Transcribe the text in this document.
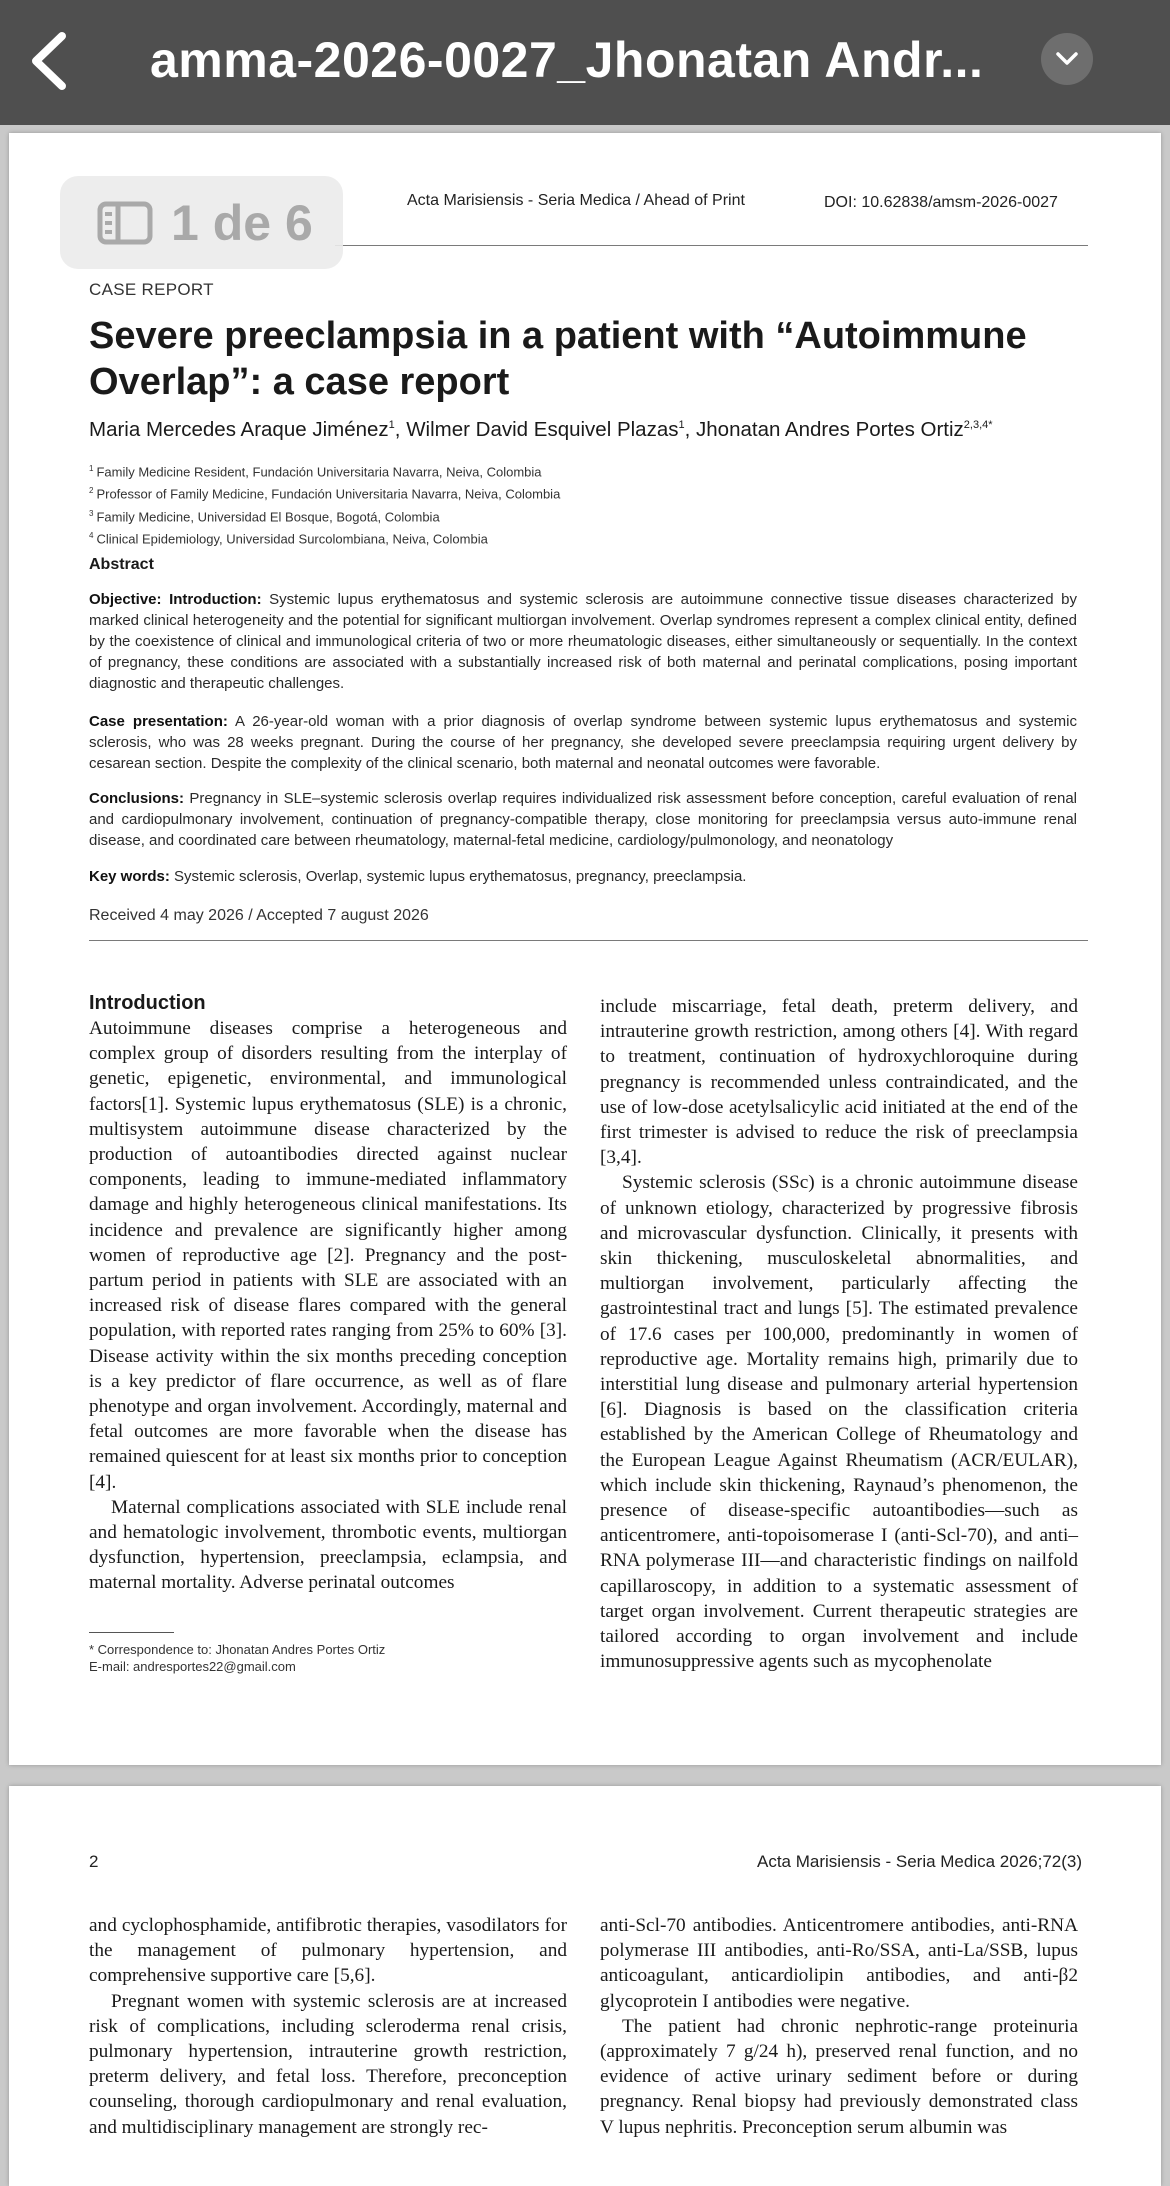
amma-2026-0027_Jhonatan Andr...
Acta Marisiensis - Seria Medica / Ahead of Print	DOI: 10.62838/amsm-2026-0027
1 de 6
CASE REPORT
Severe preeclampsia in a patient with “Autoimmune Overlap”: a case report
Maria Mercedes Araque Jiménez$^1$, Wilmer David Esquivel Plazas$^1$, Jhonatan Andres Portes Ortiz$^{2,3,4*}$
$^1$ Family Medicine Resident, Fundación Universitaria Navarra, Neiva, Colombia
$^2$ Professor of Family Medicine, Fundación Universitaria Navarra, Neiva, Colombia
$^3$ Family Medicine, Universidad El Bosque, Bogotá, Colombia
$^4$ Clinical Epidemiology, Universidad Surcolombiana, Neiva, Colombia
Abstract
Objective: Introduction: Systemic lupus erythematosus and systemic sclerosis are autoimmune connective tissue diseases characterized by marked clinical heterogeneity and the potential for significant multiorgan involvement. Overlap syndromes represent a complex clinical entity, defined by the coexistence of clinical and immunological criteria of two or more rheumatologic diseases, either simultaneously or sequentially. In the context of pregnancy, these conditions are associated with a substantially increased risk of both maternal and perinatal complications, posing important diagnostic and therapeutic challenges.
Case presentation: A 26-year-old woman with a prior diagnosis of overlap syndrome between systemic lupus erythematosus and systemic sclerosis, who was 28 weeks pregnant. During the course of her pregnancy, she developed severe preeclampsia requiring urgent delivery by cesarean section. Despite the complexity of the clinical scenario, both maternal and neonatal outcomes were favorable.
Conclusions: Pregnancy in SLE–systemic sclerosis overlap requires individualized risk assessment before conception, careful evaluation of renal and cardiopulmonary involvement, continuation of pregnancy-compatible therapy, close monitoring for preeclampsia versus auto-immune renal disease, and coordinated care between rheumatology, maternal-fetal medicine, cardiology/pulmonology, and neonatology
Key words: Systemic sclerosis, Overlap, systemic lupus erythematosus, pregnancy, preeclampsia.
Received 4 may 2026 / Accepted 7 august 2026
Introduction

Autoimmune diseases comprise a heterogeneous and complex group of disorders resulting from the interplay of genetic, epigenetic, environmental, and immunological factors[1]. Systemic lupus erythematosus (SLE) is a chronic, multisystem autoimmune disease characterized by the production of autoantibodies directed against nuclear components, leading to immune-mediated inflammatory damage and highly heterogeneous clinical manifestations. Its incidence and prevalence are significantly higher among women of reproductive age [2]. Pregnancy and the post-partum period in patients with SLE are associated with an increased risk of disease flares compared with the general population, with reported rates ranging from 25% to 60% [3]. Disease activity within the six months preceding conception is a key predictor of flare occurrence, as well as of flare phenotype and organ involvement. Accordingly, maternal and fetal outcomes are more favorable when the disease has remained quiescent for at least six months prior to conception [4].

Maternal complications associated with SLE include renal and hematologic involvement, thrombotic events, multiorgan dysfunction, hypertension, preeclampsia, eclampsia, and maternal mortality. Adverse perinatal outcomes

include miscarriage, fetal death, preterm delivery, and intrauterine growth restriction, among others [4]. With regard to treatment, continuation of hydroxychloroquine during pregnancy is recommended unless contraindicated, and the use of low-dose acetylsalicylic acid initiated at the end of the first trimester is advised to reduce the risk of preeclampsia [3,4].

Systemic sclerosis (SSc) is a chronic autoimmune disease of unknown etiology, characterized by progressive fibrosis and microvascular dysfunction. Clinically, it presents with skin thickening, musculoskeletal abnormalities, and multiorgan involvement, particularly affecting the gastrointestinal tract and lungs [5]. The estimated prevalence of 17.6 cases per 100,000, predominantly in women of reproductive age. Mortality remains high, primarily due to interstitial lung disease and pulmonary arterial hypertension [6]. Diagnosis is based on the classification criteria established by the American College of Rheumatology and the European League Against Rheumatism (ACR/EULAR), which include skin thickening, Raynaud’s phenomenon, the presence of disease-specific autoantibodies—such as anticentromere, anti-topoisomerase I (anti-Scl-70), and anti–RNA polymerase III—and characteristic findings on nailfold capillaroscopy, in addition to a systematic assessment of target organ involvement. Current therapeutic strategies are tailored according to organ involvement and include immunosuppressive agents such as mycophenolate

* Correspondence to: Jhonatan Andres Portes Ortiz
E-mail: andresportes22@gmail.com
2	Acta Marisiensis - Seria Medica 2026;72(3)

and cyclophosphamide, antifibrotic therapies, vasodilators for the management of pulmonary hypertension, and comprehensive supportive care [5,6].

Pregnant women with systemic sclerosis are at increased risk of complications, including scleroderma renal crisis, pulmonary hypertension, intrauterine growth restriction, preterm delivery, and fetal loss. Therefore, preconception counseling, thorough cardiopulmonary and renal evaluation, and multidisciplinary management are strongly rec-

anti-Scl-70 antibodies. Anticentromere antibodies, anti-RNA polymerase III antibodies, anti-Ro/SSA, anti-La/SSB, lupus anticoagulant, anticardiolipin antibodies, and anti-β2 glycoprotein I antibodies were negative.

The patient had chronic nephrotic-range proteinuria (approximately 7 g/24 h), preserved renal function, and no evidence of active urinary sediment before or during pregnancy. Renal biopsy had previously demonstrated class V lupus nephritis. Preconception serum albumin was
